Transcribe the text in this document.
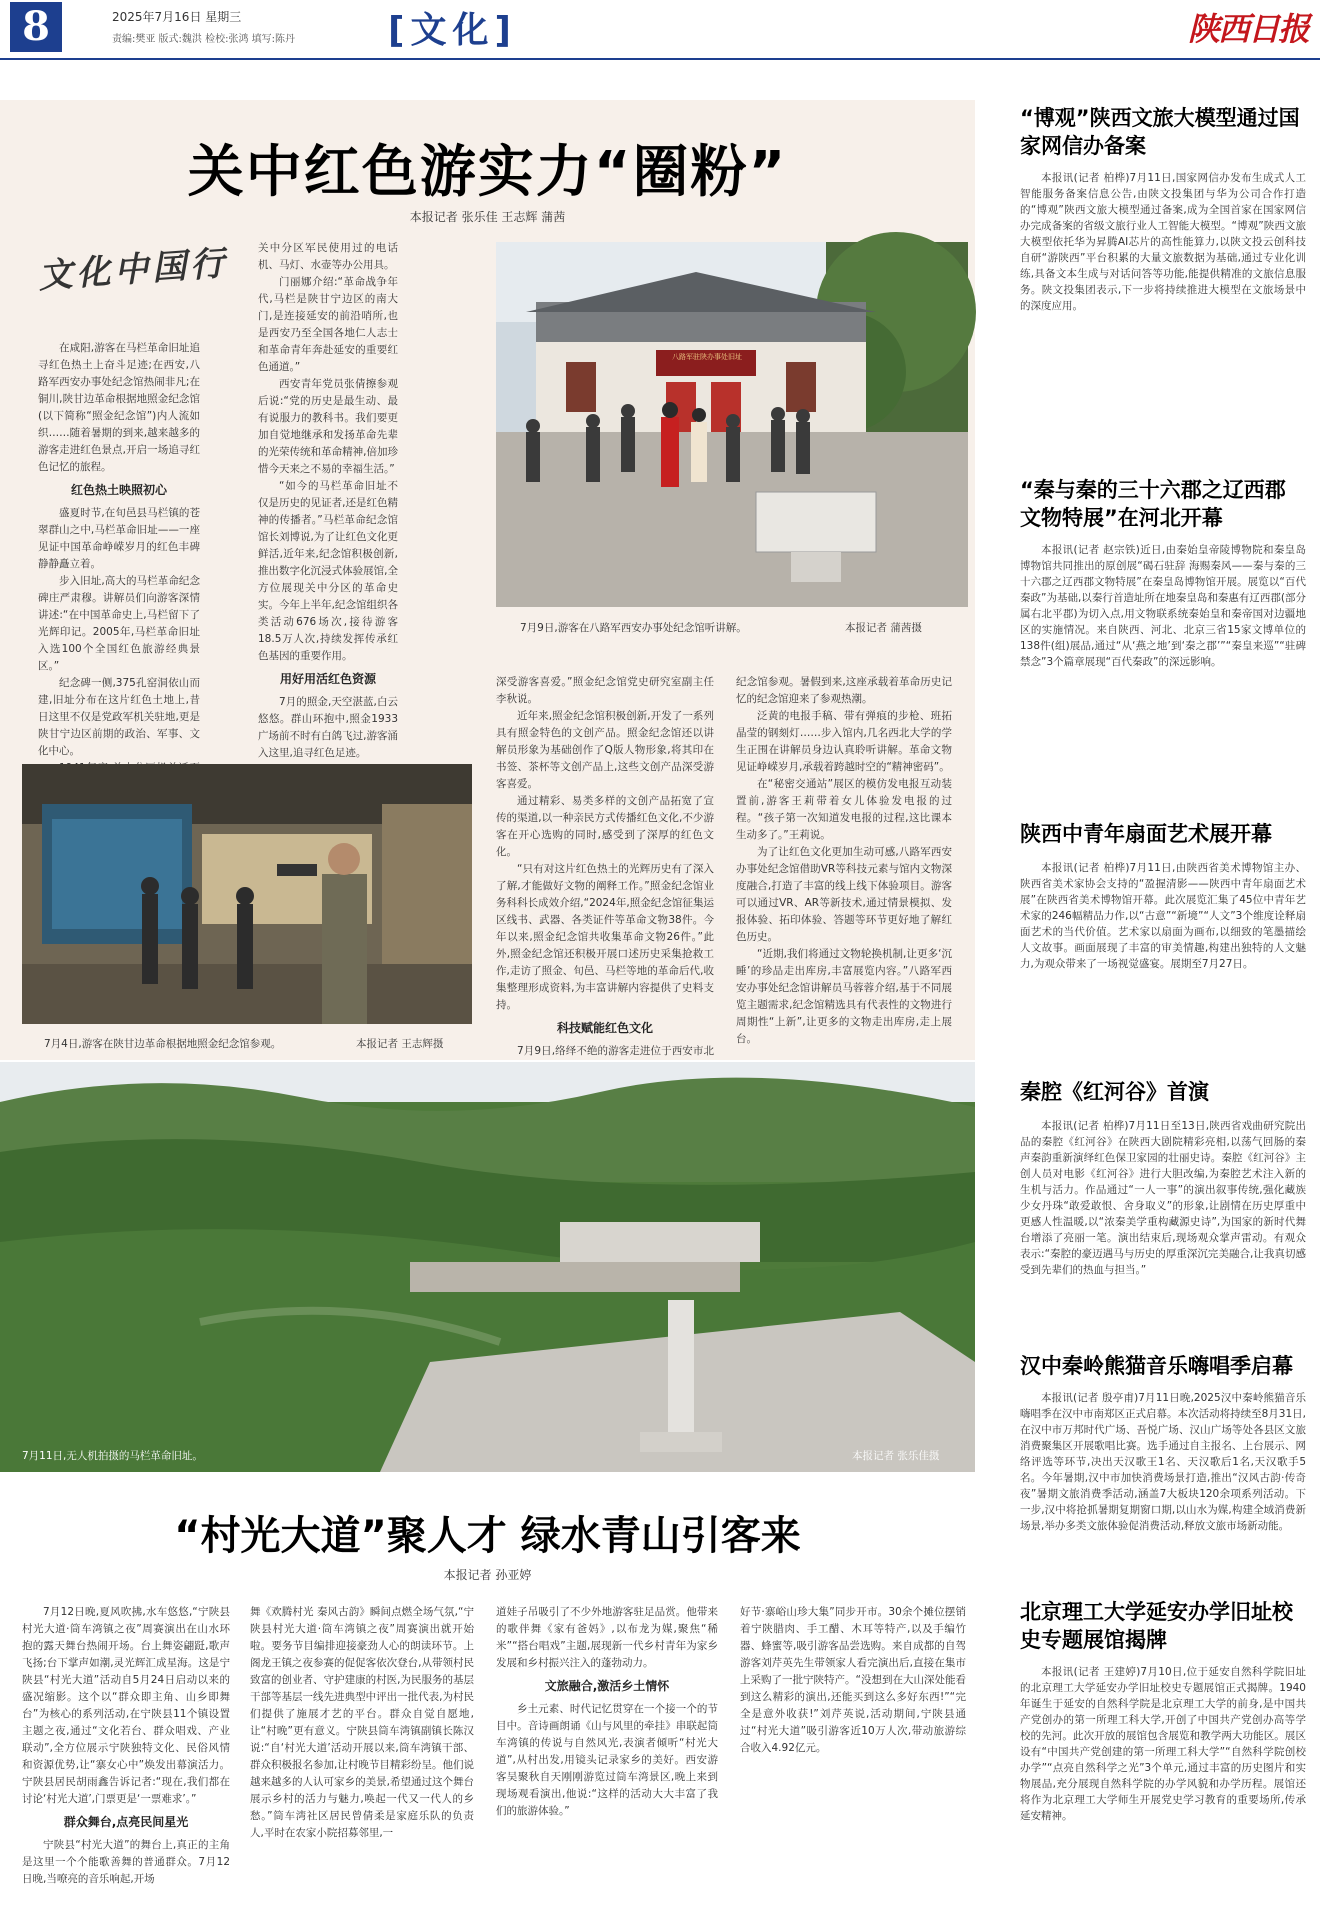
8	2025年7月16日 星期三
责编:樊亚 版式:魏洪 检校:张鸿 填写:陈丹	[文化]	陕西日报
关中红色游实力“圈粉”
本报记者 张乐佳 王志辉 蒲茜
文化中国行

在咸阳,游客在马栏革命旧址追寻红色热土上奋斗足迹;在西安,八路军西安办事处纪念馆热闹非凡;在铜川,陕甘边革命根据地照金纪念馆(以下简称“照金纪念馆”)内人流如织……随着暑期的到来,越来越多的游客走进红色景点,开启一场追寻红色记忆的旅程。

红色热土映照初心

盛夏时节,在旬邑县马栏镇的苍翠群山之中,马栏革命旧址——一座见证中国革命峥嵘岁月的红色丰碑静静矗立着。

步入旧址,高大的马栏革命纪念碑庄严肃穆。讲解员们向游客深情讲述:“在中国革命史上,马栏留下了光辉印记。2005年,马栏革命旧址入选100个全国红色旅游经典景区。”

纪念碑一侧,375孔窑洞依山而建,旧址分布在这片红色土地上,昔日这里不仅是党政军机关驻地,更是陕甘宁边区前期的政治、军事、文化中心。

关中分区军民使用过的电话机、马灯、水壶等办公用具。

门丽娜介绍:“革命战争年代,马栏是陕甘宁边区的南大门,是连接延安的前沿哨所,也是西安乃至全国各地仁人志士和革命青年奔赴延安的重要红色通道。”

西安青年党员张倩擦参观后说:“党的历史是最生动、最有说服力的教科书。我们要更加自觉地继承和发扬革命先辈的光荣传统和革命精神,倍加珍惜今天来之不易的幸福生活。”

“如今的马栏革命旧址不仅是历史的见证者,还是红色精神的传播者。”马栏革命纪念馆馆长刘博说,为了让红色文化更鲜活,近年来,纪念馆积极创新,推出数字化沉浸式体验展馆,全方位展现关中分区的革命史实。今年上半年,纪念馆组织各类活动676场次,接待游客18.5万人次,持续发挥传承红色基因的重要作用。

用好用活红色资源

7月的照金,天空湛蓝,白云悠悠。群山环抱中,照金1933广场前不时有白鸽飞过,游客涌入这里,追寻红色足迹。

八路军驻陕办事处旧址
7月9日,游客在八路军西安办事处纪念馆听讲解。	本报记者 蒲茜摄
7月4日,游客在陕甘边革命根据地照金纪念馆参观。	本报记者 王志辉摄

深受游客喜爱。”照金纪念馆党史研究室副主任李秋说。

近年来,照金纪念馆积极创新,开发了一系列具有照金特色的文创产品。照金纪念馆还以讲解员形象为基础创作了Q版人物形象,将其印在书签、茶杯等文创产品上,这些文创产品深受游客喜爱。

通过精彩、易类多样的文创产品拓宽了宣传的渠道,以一种亲民方式传播红色文化,不少游客在开心选购的同时,感受到了深厚的红色文化。

“只有对这片红色热土的光辉历史有了深入了解,才能做好文物的阐释工作。”照金纪念馆业务科科长成效介绍,“2024年,照金纪念馆征集运区线书、武器、各类证件等革命文物38件。今年以来,照金纪念馆共收集革命文物26件。”此外,照金纪念馆还积极开展口述历史采集抢救工作,走访了照金、旬邑、马栏等地的革命后代,收集整理形成资料,为丰富讲解内容提供了史料支持。

科技赋能红色文化

7月9日,络绎不绝的游客走进位于西安市北

纪念馆参观。暑假到来,这座承载着革命历史记忆的纪念馆迎来了参观热潮。

泛黄的电报手稿、带有弹痕的步枪、班拓晶莹的钢刻灯……步入馆内,几名西北大学的学生正围在讲解员身边认真聆听讲解。革命文物见证峥嵘岁月,承载着跨越时空的“精神密码”。

在“秘密交通站”展区的模仿发电报互动装置前,游客王莉带着女儿体验发电报的过程。“孩子第一次知道发电报的过程,这比课本生动多了。”王莉说。

为了让红色文化更加生动可感,八路军西安办事处纪念馆借助VR等科技元素与馆内文物深度融合,打造了丰富的线上线下体验项目。游客可以通过VR、AR等新技术,通过情景模拟、发报体验、拓印体验、答题等环节更好地了解红色历史。

“近期,我们将通过文物轮换机制,让更多‘沉睡’的珍品走出库房,丰富展览内容。”八路军西安办事处纪念馆讲解员马蓉蓉介绍,基于不同展览主题需求,纪念馆精选具有代表性的文物进行周期性“上新”,让更多的文物走出库房,走上展台。

7月11日,无人机拍摄的马栏革命旧址。	本报记者 张乐佳摄
“村光大道”聚人才 绿水青山引客来
本报记者 孙亚婷

7月12日晚,夏风吹拂,水车悠悠,“宁陕县村光大道·筒车湾镇之夜”周赛演出在山水环抱的露天舞台热闹开场。台上舞姿翩跹,歌声飞扬;台下掌声如潮,灵光辉汇成星海。这是宁陕县“村光大道”活动自5月24日启动以来的盛况缩影。这个以“群众即主角、山乡即舞台”为核心的系列活动,在宁陕县11个镇设置主题之夜,通过“文化若台、群众唱戏、产业联动”,全方位展示宁陕独特文化、民俗风情和资源优势,让“寨女心中”焕发出幕演活力。宁陕县居民胡雨鑫告诉记者:“现在,我们都在讨论‘村光大道’,门票更是‘一票难求’。”

群众舞台,点亮民间星光

宁陕县“村光大道”的舞台上,真正的主角是这里一个个能歌善舞的普通群众。7月12日晚,当嘹亮的音乐响起,开场

舞《欢腾村光 秦风古韵》瞬间点燃全场气氛,“宁陕县村光大道·筒车湾镇之夜”周赛演出就开始啦。要务节目编排迎接豪劲人心的朗读环节。上阁龙王镇之夜参赛的促促客依次登台,从带领村民致富的创业者、守护建康的村医,为民服务的基层干部等基层一线先进典型中评出一批代表,为村民们提供了施展才艺的平台。群众自觉自愿地,让“村晚”更有意义。宁陕县筒车湾镇副镇长陈汉说:“自‘村光大道’活动开展以来,筒车湾镇干部、群众积极报名参加,让村晚节目精彩纷呈。他们说越来越多的人认可家乡的美景,希望通过这个舞台展示乡村的活力与魅力,唤起一代又一代人的乡愁。”筒车湾社区居民曾倩柔是家庭乐队的负责人,平时在农家小院招募邻里,一

道娃子吊吸引了不少外地游客驻足品赏。他带来的歌伴舞《家有爸妈》,以布龙为媒,聚焦“稀米”“搭台唱戏”主题,展现新一代乡村青年为家乡发展和乡村振兴注入的蓬勃动力。

文旅融合,激活乡土情怀

乡土元素、时代记忆贯穿在一个接一个的节目中。音诗画朗诵《山与风里的牵挂》串联起筒车湾镇的传说与自然风光,表演者倾听“村光大道”,从村出发,用镜头记录家乡的美好。西安游客吴聚秋自天刚刚游览过筒车湾景区,晚上来到现场观看演出,他说:“这样的活动大大丰富了我们的旅游体验。”

好节·寨峪山珍大集”同步开市。30余个摊位摆销着宁陕腊肉、手工醋、木耳等特产,以及手编竹器、蜂蜜等,吸引游客品尝选购。来自成都的自驾游客刘芹英先生带领家人看完演出后,直接在集市上采购了一批宁陕特产。“没想到在大山深处能看到这么精彩的演出,还能买到这么多好东西!”“完全是意外收获!”刘芹英说,活动期间,宁陕县通过“村光大道”吸引游客近10万人次,带动旅游综合收入4.92亿元。

“博观”陕西文旅大模型通过国家网信办备案
本报讯(记者 柏桦)7月11日,国家网信办发布生成式人工智能服务备案信息公告,由陕文投集团与华为公司合作打造的“博观”陕西文旅大模型通过备案,成为全国首家在国家网信办完成备案的省级文旅行业人工智能大模型。“博观”陕西文旅大模型依托华为昇腾AI芯片的高性能算力,以陕文投云创科技自研“游陕西”平台积累的大量文旅数据为基础,通过专业化训练,具备文本生成与对话问答等功能,能提供精准的文旅信息服务。陕文投集团表示,下一步将持续推进大模型在文旅场景中的深度应用。
“秦与秦的三十六郡之辽西郡文物特展”在河北开幕
本报讯(记者 赵宗铁)近日,由秦始皇帝陵博物院和秦皇岛博物馆共同推出的原创展“碣石驻辞 海赐秦风——秦与秦的三十六郡之辽西郡文物特展”在秦皇岛博物馆开展。展览以“百代秦政”为基础,以秦行首造址所在地秦皇岛和秦惠有辽西郡(部分属右北平郡)为切入点,用文物联系统秦始皇和秦帝国对边疆地区的实施情况。来自陕西、河北、北京三省15家文博单位的138件(组)展品,通过“从‘燕之地’到‘秦之郡’”“秦皇来巡”“驻碑禁念”3个篇章展现“百代秦政”的深远影响。
陕西中青年扇面艺术展开幕
本报讯(记者 柏桦)7月11日,由陕西省美术博物馆主办、陕西省美术家协会支持的“盈握清影——陕西中青年扇面艺术展”在陕西省美术博物馆开幕。此次展览汇集了45位中青年艺术家的246幅精品力作,以“古意”“新境”“人文”3个维度诠释扇面艺术的当代价值。艺术家以扇面为画布,以细致的笔墨描绘人文故事。画面展现了丰富的审美情趣,构建出独特的人文魅力,为观众带来了一场视觉盛宴。展期至7月27日。
秦腔《红河谷》首演
本报讯(记者 柏桦)7月11日至13日,陕西省戏曲研究院出品的秦腔《红河谷》在陕西大剧院精彩亮相,以荡气回肠的秦声秦韵重新演绎红色保卫家园的壮丽史诗。秦腔《红河谷》主创人员对电影《红河谷》进行大胆改编,为秦腔艺术注入新的生机与活力。作品通过“一人一事”的演出叙事传统,强化藏族少女丹珠“敢爱敢恨、舍身取义”的形象,让剧情在历史厚重中更感人性温暖,以“浓秦美学重构藏源史诗”,为国家的新时代舞台增添了亮丽一笔。演出结束后,现场观众掌声雷动。有观众表示:“秦腔的豪迈遇马与历史的厚重深沉完美融合,让我真切感受到先辈们的热血与担当。”
汉中秦岭熊猫音乐嗨唱季启幕
本报讯(记者 殷亭甫)7月11日晚,2025汉中秦岭熊猫音乐嗨唱季在汉中市南郑区正式启幕。本次活动将持续至8月31日,在汉中市万邦时代广场、吾悦广场、汉山广场等处各县区文旅消费聚集区开展歌唱比赛。选手通过自主报名、上台展示、网络评选等环节,决出天汉歌王1名、天汉歌后1名,天汉歌手5名。今年暑期,汉中市加快消费场景打造,推出“汉风古韵·传奇夜”暑期文旅消费季活动,涵盖7大板块120余项系列活动。下一步,汉中将抢抓暑期复期窗口期,以山水为媒,构建全域消费新场景,举办多类文旅体验促消费活动,释放文旅市场新动能。
北京理工大学延安办学旧址校史专题展馆揭牌
本报讯(记者 王建婷)7月10日,位于延安自然科学院旧址的北京理工大学延安办学旧址校史专题展馆正式揭牌。1940年诞生于延安的自然科学院是北京理工大学的前身,是中国共产党创办的第一所理工科大学,开创了中国共产党创办高等学校的先河。此次开放的展馆包含展览和教学两大功能区。展区设有“中国共产党创建的第一所理工科大学”“自然科学院创校办学”“点亮自然科学之光”3个单元,通过丰富的历史图片和实物展品,充分展现自然科学院的办学风貌和办学历程。展馆还将作为北京理工大学师生开展党史学习教育的重要场所,传承延安精神。
